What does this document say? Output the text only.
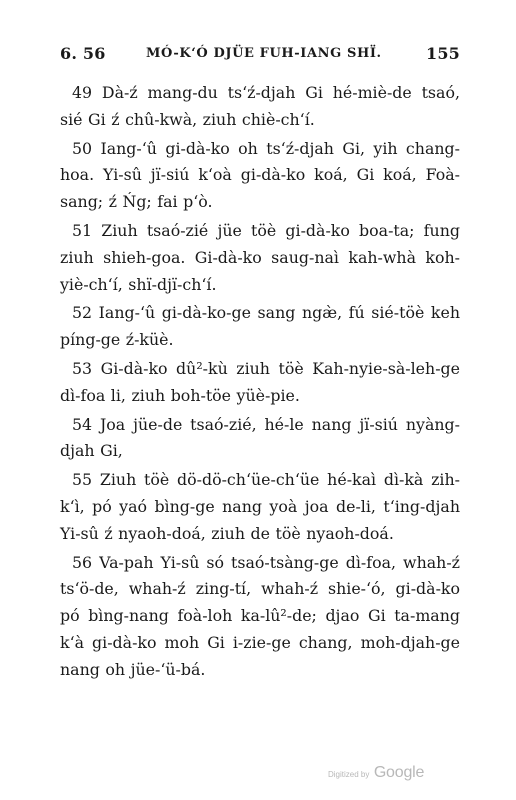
6. 56	MÓ-K‘Ó DJÜE FUH-IANG SHÏ.	155

49 Dà-ź mang-du ts‘ź-djah Gi hé-miè-de tsaó, sié Gi ź chû-kwà, ziuh chiè-ch‘í.

50 Iang-‘û gi-dà-ko oh ts‘ź-djah Gi, yih chang-hoa. Yi-sû jï-siú k‘oà gi-dà-ko koá, Gi koá, Foà-sang; ź Ńg; fai p‘ò.

51 Ziuh tsaó-zié jüe töè gi-dà-ko boa-ta; fung ziuh shieh-goa. Gi-dà-ko saug-naì kah-whà koh-yiè-ch‘í, shï-djï-ch‘í.

52 Iang-‘û gi-dà-ko-ge sang ngæ̀, fú sié-töè keh píng-ge ź-küè.

53 Gi-dà-ko dû²-kù ziuh töè Kah-nyie-sà-leh-ge dì-foa li, ziuh boh-töe yüè-pie.

54 Joa jüe-de tsaó-zié, hé-le nang jï-siú nyàng-djah Gi,

55 Ziuh töè dö-dö-ch‘üe-ch‘üe hé-kaì dì-kà zih-k‘ì, pó yaó bìng-ge nang yoà joa de-li, t‘ing-djah Yi-sû ź nyaoh-doá, ziuh de töè nyaoh-doá.

56 Va-pah Yi-sû só tsaó-tsàng-ge dì-foa, whah-ź ts‘ö-de, whah-ź zing-tí, whah-ź shie-‘ó, gi-dà-ko pó bìng-nang foà-loh ka-lû²-de; djao Gi ta-mang k‘à gi-dà-ko moh Gi i-zie-ge chang, moh-djah-ge nang oh jüe-‘ü-bá.

Digitized by Google
